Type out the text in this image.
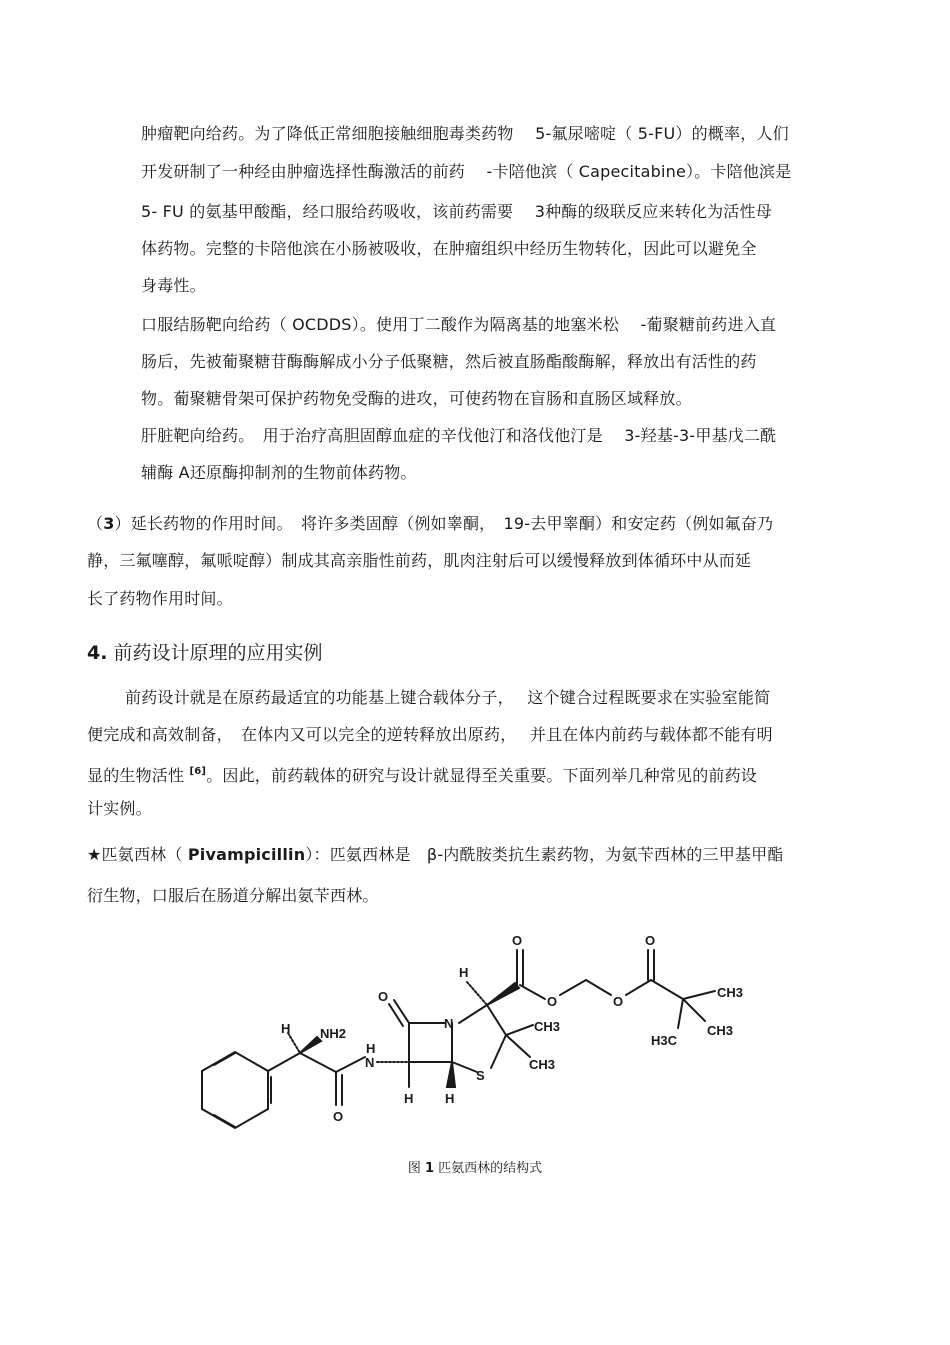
肿瘤靶向给药。为了降低正常细胞接触细胞毒类药物　 5-氟尿嘧啶（ 5-FU）的概率，人们
开发研制了一种经由肿瘤选择性酶激活的前药　 -卡陪他滨（ Capecitabine）。卡陪他滨是
5- FU 的氨基甲酸酯，经口服给药吸收，该前药需要　 3种酶的级联反应来转化为活性母
体药物。完整的卡陪他滨在小肠被吸收，在肿瘤组织中经历生物转化，因此可以避免全
身毒性。
口服结肠靶向给药（ OCDDS）。使用丁二酸作为隔离基的地塞米松　 -葡聚糖前药进入直
肠后，先被葡聚糖苷酶酶解成小分子低聚糖，然后被直肠酯酸酶解，释放出有活性的药
物。葡聚糖骨架可保护药物免受酶的进攻，可使药物在盲肠和直肠区域释放。
肝脏靶向给药。　用于治疗高胆固醇血症的辛伐他汀和洛伐他汀是　 3-羟基-3-甲基戊二酰
辅酶 A还原酶抑制剂的生物前体药物。
（3）延长药物的作用时间。　将许多类固醇（例如睾酮，　19-去甲睾酮）和安定药（例如氟奋乃
静，三氟噻醇，氟哌啶醇）制成其高亲脂性前药，肌肉注射后可以缓慢释放到体循环中从而延
长了药物作用时间。
4. 前药设计原理的应用实例
前药设计就是在原药最适宜的功能基上键合载体分子，　 这个键合过程既要求在实验室能简
便完成和高效制备，　在体内又可以完全的逆转释放出原药，　 并且在体内前药与载体都不能有明
显的生物活性 [6]。因此，前药载体的研究与设计就显得至关重要。下面列举几种常见的前药设
计实例。
★匹氨西林（ Pivampicillin）：匹氨西林是　β-内酰胺类抗生素药物，为氨苄西林的三甲基甲酯
衍生物，口服后在肠道分解出氨苄西林。
O	O
H
O	O	O
CH3
CH3	CH3
CH3
H3C
N
H NH2
N
H
S
H H
O
图 1 匹氨西林的结构式
